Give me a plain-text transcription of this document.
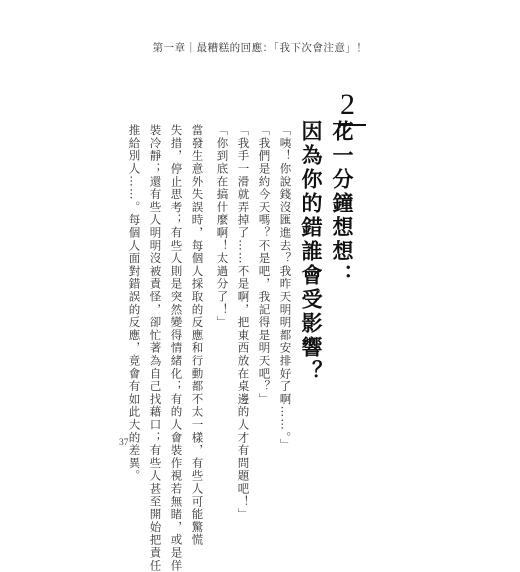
第一章｜最糟糕的回應：「我下次會注意」！
2
花一分鐘想想：
因為你的錯誰會受影響？
「咦！你說錢沒匯進去？我昨天明明都安排好了啊……。」
「我們是約今天嗎？不是吧，我記得是明天吧？」
「我手一滑就弄掉了……不是啊，把東西放在桌邊的人才有問題吧！」
「你到底在搞什麼啊！太過分了！」
當發生意外失誤時，每個人採取的反應和行動都不太一樣，有些人可能驚慌
失措，停止思考；有些人則是突然變得情緒化；有的人會裝作視若無睹，或是佯
裝冷靜；還有些人明明沒被責怪，卻忙著為自己找藉口；有些人甚至開始把責任
推給別人……。每個人面對錯誤的反應，竟會有如此大的差異。
37
